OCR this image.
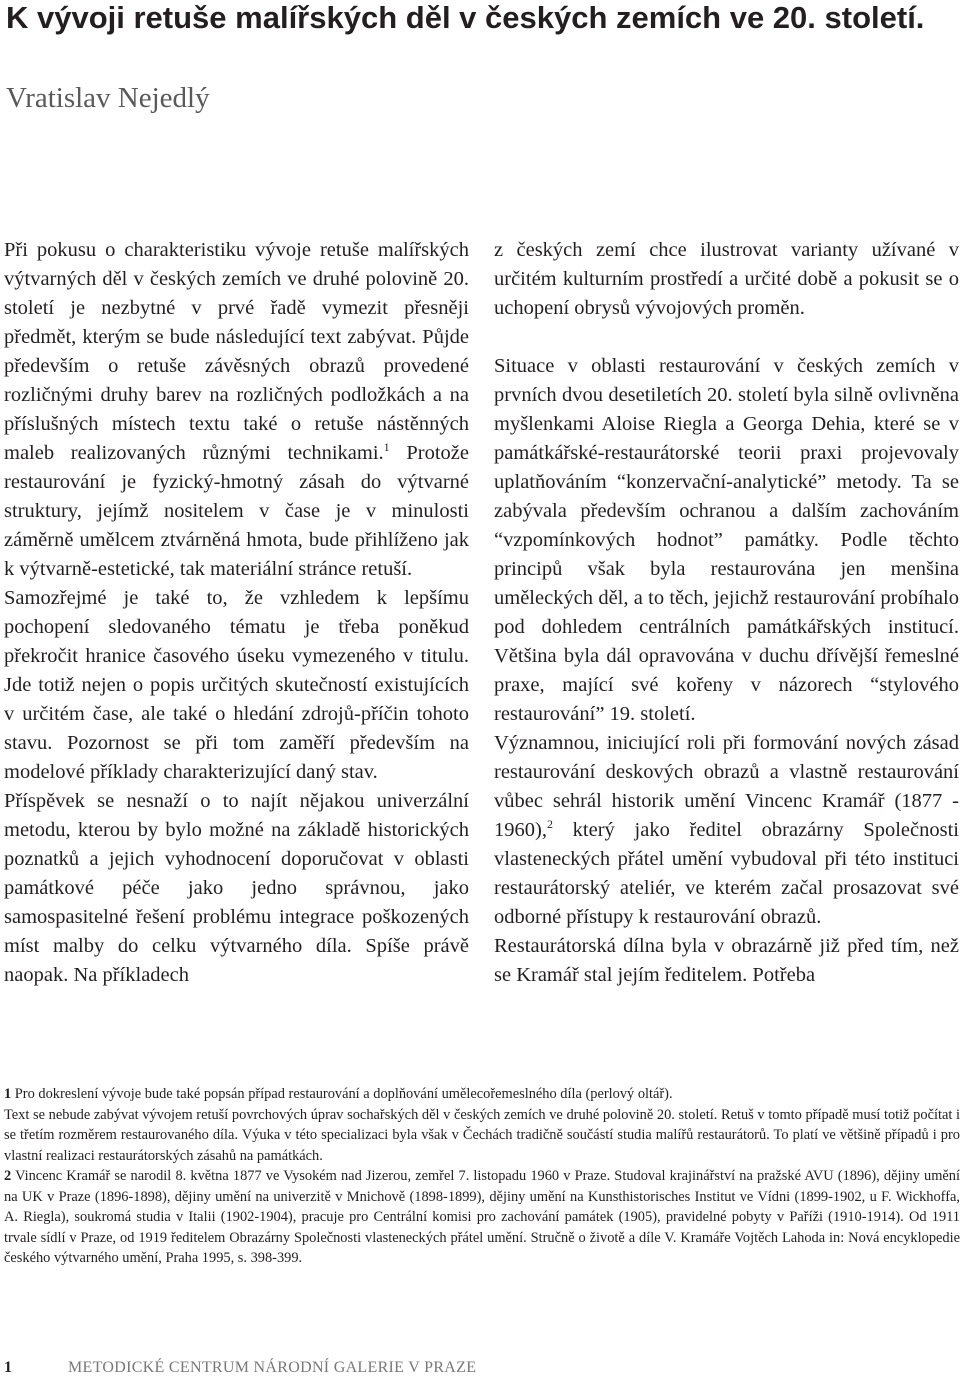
K vývoji retuše malířských děl v českých zemích ve 20. století.
Vratislav Nejedlý

Při pokusu o charakteristiku vývoje retuše malířských výtvarných děl v českých zemích ve druhé polovině 20. století je nezbytné v prvé řadě vymezit přesněji předmět, kterým se bude následující text zabývat. Půjde především o retuše závěsných obrazů provedené rozličnými druhy barev na rozličných podložkách a na příslušných místech textu také o retuše nástěnných maleb realizovaných různými technikami.$^1$ Protože restaurování je fyzický-hmotný zásah do výtvarné struktury, jejímž nositelem v čase je v minulosti záměrně umělcem ztvárněná hmota, bude přihlíženo jak k výtvarně-estetické, tak materiální stránce retuší.

Samozřejmé je také to, že vzhledem k lepšímu pochopení sledovaného tématu je třeba poněkud překročit hranice časového úseku vymezeného v titulu. Jde totiž nejen o popis určitých skutečností existujících v určitém čase, ale také o hledání zdrojů-příčin tohoto stavu. Pozornost se při tom zaměří především na modelové příklady charakterizující daný stav.

Příspěvek se nesnaží o to najít nějakou univerzální metodu, kterou by bylo možné na základě historických poznatků a jejich vyhodnocení doporučovat v oblasti památkové péče jako jedno správnou, jako samospasitelné řešení problému integrace poškozených míst malby do celku výtvarného díla. Spíše právě naopak. Na příkladech

z českých zemí chce ilustrovat varianty užívané v určitém kulturním prostředí a určité době a pokusit se o uchopení obrysů vývojových proměn.

Situace v oblasti restaurování v českých zemích v prvních dvou desetiletích 20. století byla silně ovlivněna myšlenkami Aloise Riegla a Georga Dehia, které se v památkářské-restaurátorské teorii praxi projevovaly uplatňováním “konzervační-analytické” metody. Ta se zabývala především ochranou a dalším zachováním “vzpomínkových hodnot” památky. Podle těchto principů však byla restaurována jen menšina uměleckých děl, a to těch, jejichž restaurování probíhalo pod dohledem centrálních památkářských institucí. Většina byla dál opravována v duchu dřívější řemeslné praxe, mající své kořeny v názorech “stylového restaurování” 19. století.

Významnou, iniciující roli při formování nových zásad restaurování deskových obrazů a vlastně restaurování vůbec sehrál historik umění Vincenc Kramář (1877 - 1960),$^2$ který jako ředitel obrazárny Společnosti vlasteneckých přátel umění vybudoval při této instituci restaurátorský ateliér, ve kterém začal prosazovat své odborné přístupy k restaurování obrazů.

Restaurátorská dílna byla v obrazárně již před tím, než se Kramář stal jejím ředitelem. Potřeba

1 Pro dokreslení vývoje bude také popsán případ restaurování a doplňování umělecořemeslného díla (perlový oltář).

Text se nebude zabývat vývojem retuší povrchových úprav sochařských děl v českých zemích ve druhé polovině 20. století. Retuš v tomto případě musí totiž počítat i se třetím rozměrem restaurovaného díla. Výuka v této specializaci byla však v Čechách tradičně součástí studia malířů restaurátorů. To platí ve většině případů i pro vlastní realizaci restaurátorských zásahů na památkách.

2 Vincenc Kramář se narodil 8. května 1877 ve Vysokém nad Jizerou, zemřel 7. listopadu 1960 v Praze. Studoval krajinářství na pražské AVU (1896), dějiny umění na UK v Praze (1896-1898), dějiny umění na univerzitě v Mnichově (1898-1899), dějiny umění na Kunsthistorisches Institut ve Vídni (1899-1902, u F. Wickhoffa, A. Riegla), soukromá studia v Italii (1902-1904), pracuje pro Centrální komisi pro zachování památek (1905), pravidelné pobyty v Paříži (1910-1914). Od 1911 trvale sídlí v Praze, od 1919 ředitelem Obrazárny Společnosti vlasteneckých přátel umění. Stručně o životě a díle V. Kramáře Vojtěch Lahoda in: Nová encyklopedie českého výtvarného umění, Praha 1995, s. 398-399.

1	METODICKÉ CENTRUM NÁRODNÍ GALERIE V PRAZE
